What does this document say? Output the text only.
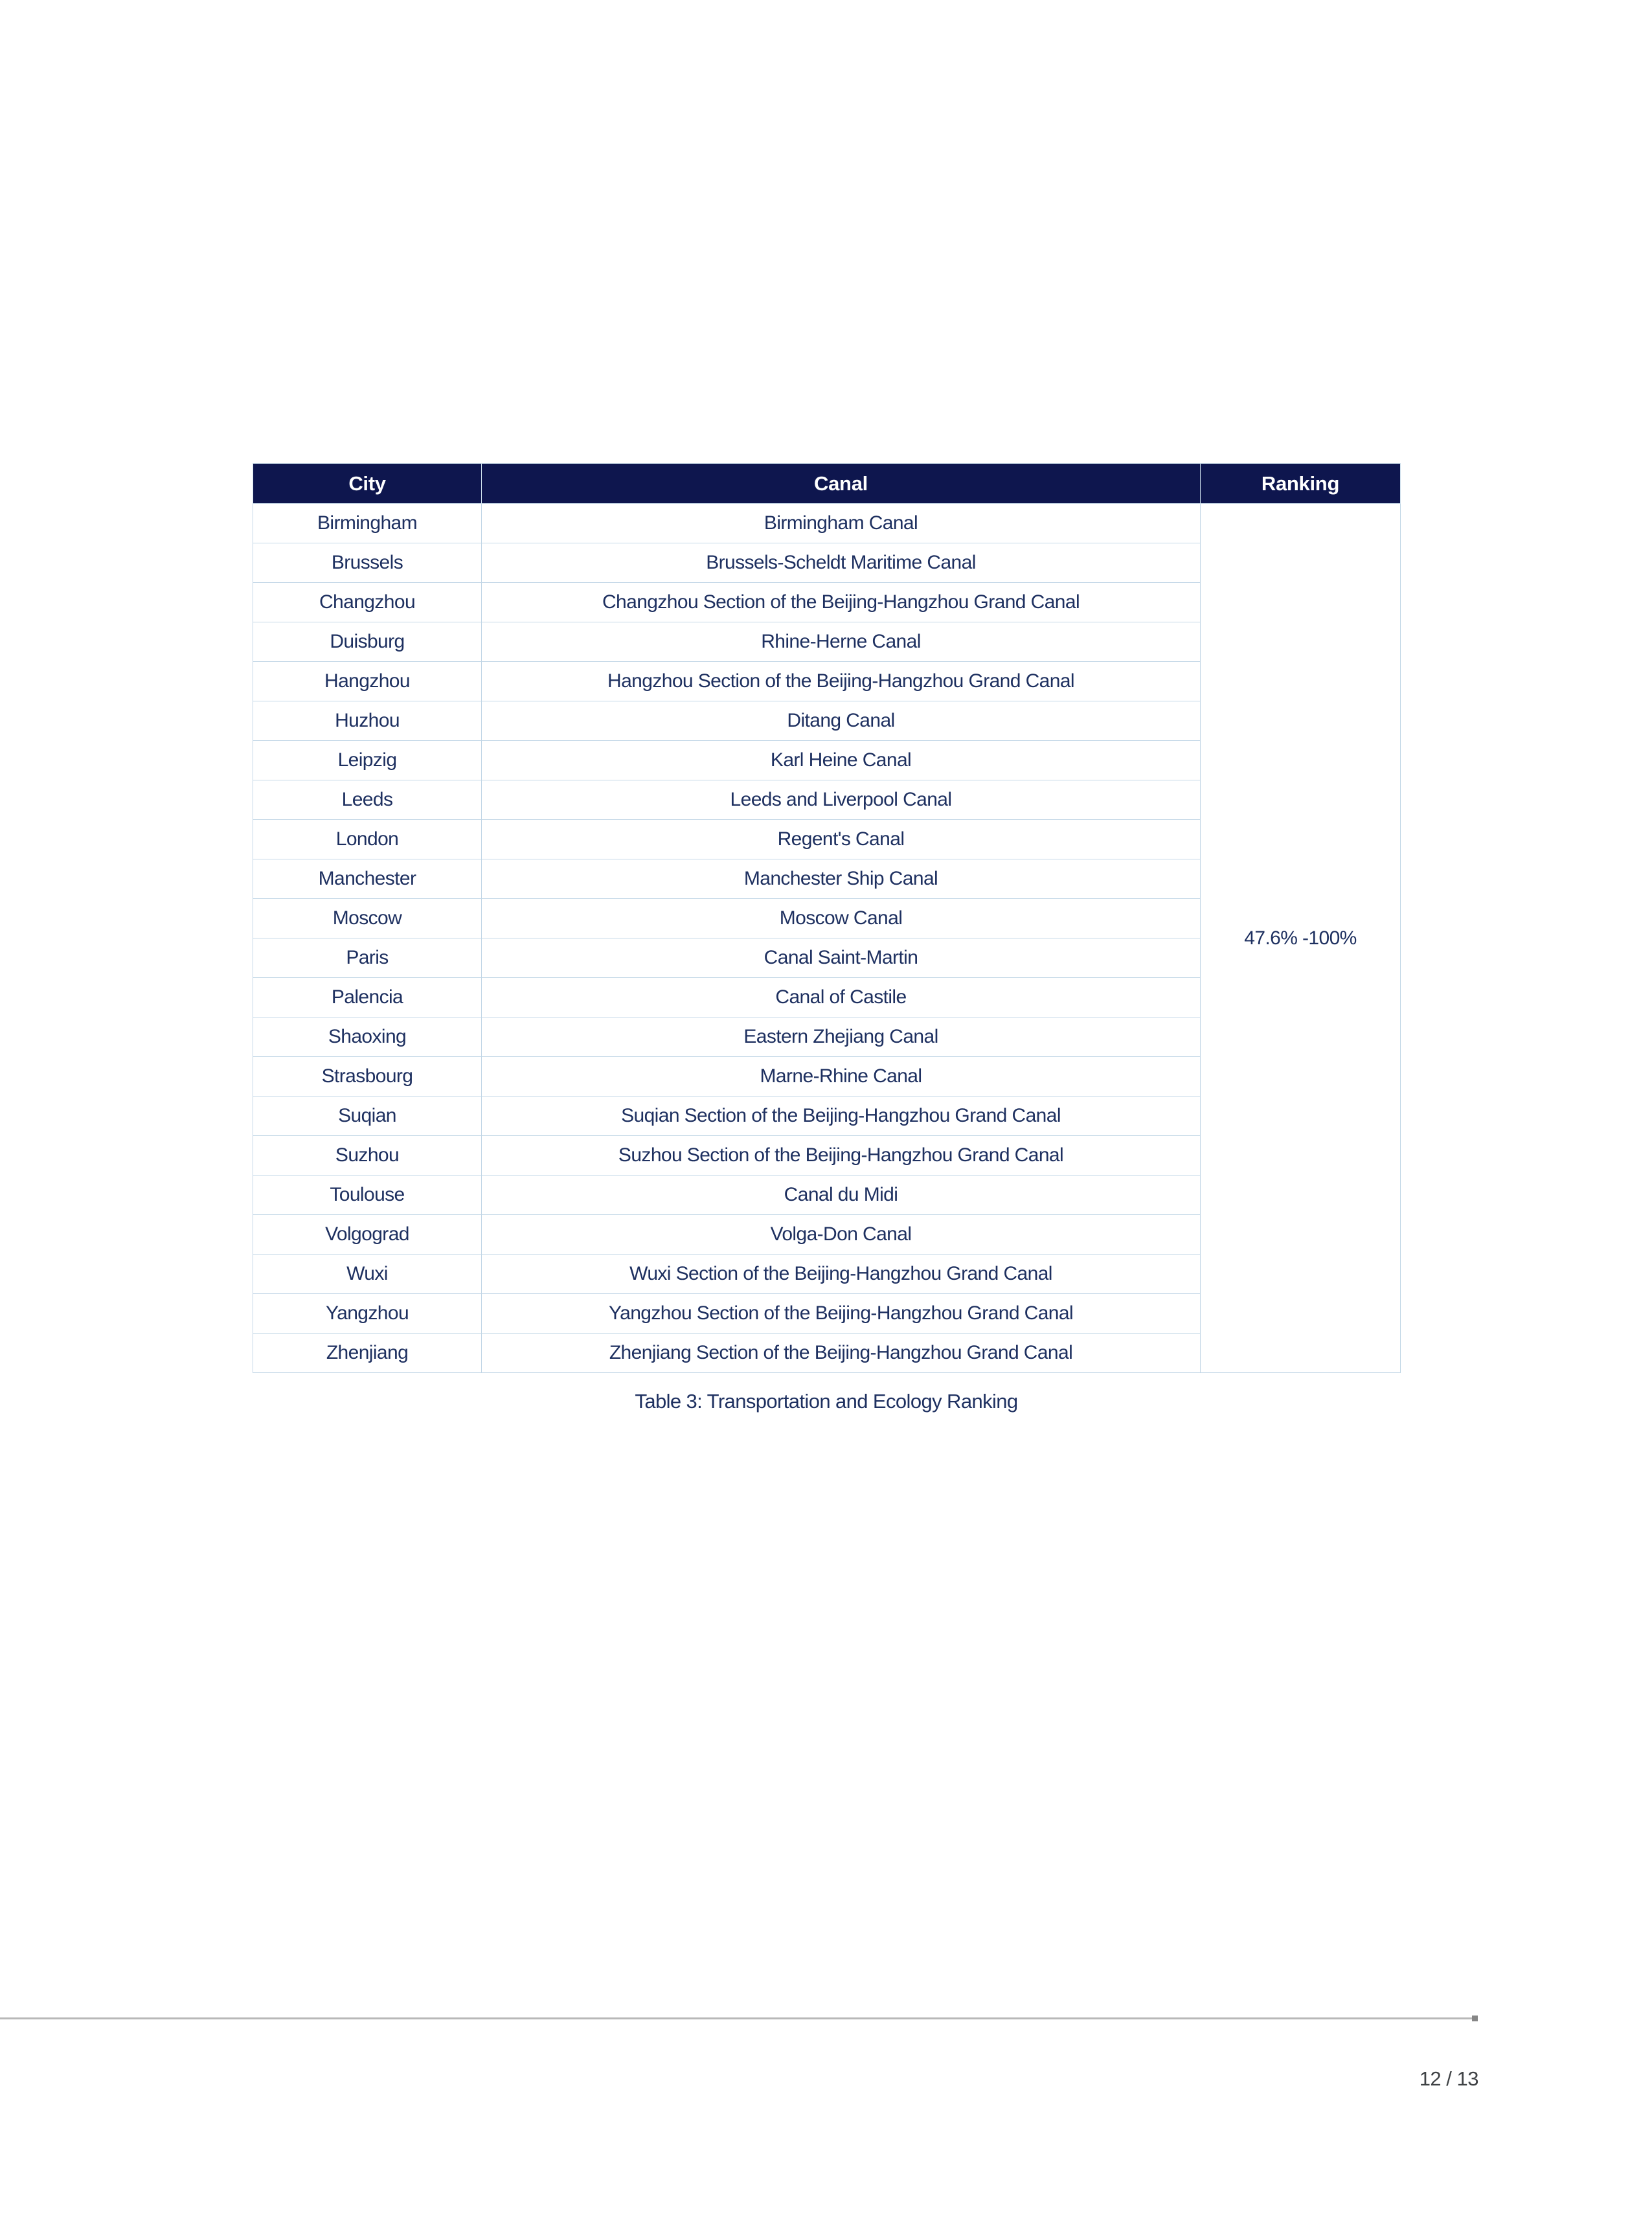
City	Canal	Ranking
Birmingham	Birmingham Canal	47.6% -100%
Brussels	Brussels-Scheldt Maritime Canal	
Changzhou	Changzhou Section of the Beijing-Hangzhou Grand Canal	
Duisburg	Rhine-Herne Canal	
Hangzhou	Hangzhou Section of the Beijing-Hangzhou Grand Canal	
Huzhou	Ditang Canal	
Leipzig	Karl Heine Canal	
Leeds	Leeds and Liverpool Canal	
London	Regent's Canal	
Manchester	Manchester Ship Canal	
Moscow	Moscow Canal	
Paris	Canal Saint-Martin	
Palencia	Canal of Castile	
Shaoxing	Eastern Zhejiang Canal	
Strasbourg	Marne-Rhine Canal	
Suqian	Suqian Section of the Beijing-Hangzhou Grand Canal	
Suzhou	Suzhou Section of the Beijing-Hangzhou Grand Canal	
Toulouse	Canal du Midi	
Volgograd	Volga-Don Canal	
Wuxi	Wuxi Section of the Beijing-Hangzhou Grand Canal	
Yangzhou	Yangzhou Section of the Beijing-Hangzhou Grand Canal	
Zhenjiang	Zhenjiang Section of the Beijing-Hangzhou Grand Canal	
Table 3: Transportation and Ecology Ranking
12 / 13
